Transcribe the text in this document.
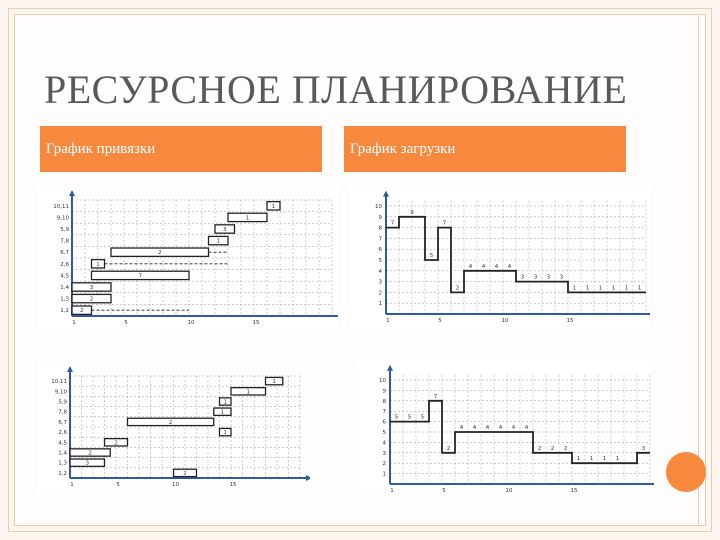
РЕСУРСНОЕ ПЛАНИРОВАНИЕ
График привязки	График загрузки
1,2
1,3
1,4
4,5
2,6
6,7
7,8
5,9
9,10
10,11
1	5	10	15
2
2
3
7
1
2
1
3
1
1
1
2
3
4
5
6
7
8
9
10
1	5	10	15
7
9
5
7
2
4 4 4 4
3 3 3 3
1 1 1 1 1 1
1,2
1,3
1,4
4,5
2,6
6,7
7,8
5,9
9,10
10,11
1	5	10	15
2
3
2
2
1
2
1
1
1
1
1
2
3
4
5
6
7
8
9
10
1	5	10	15
5 5 5
7
2
4 4 4 4 4 4
2 2 2
1 1 1 1
3
